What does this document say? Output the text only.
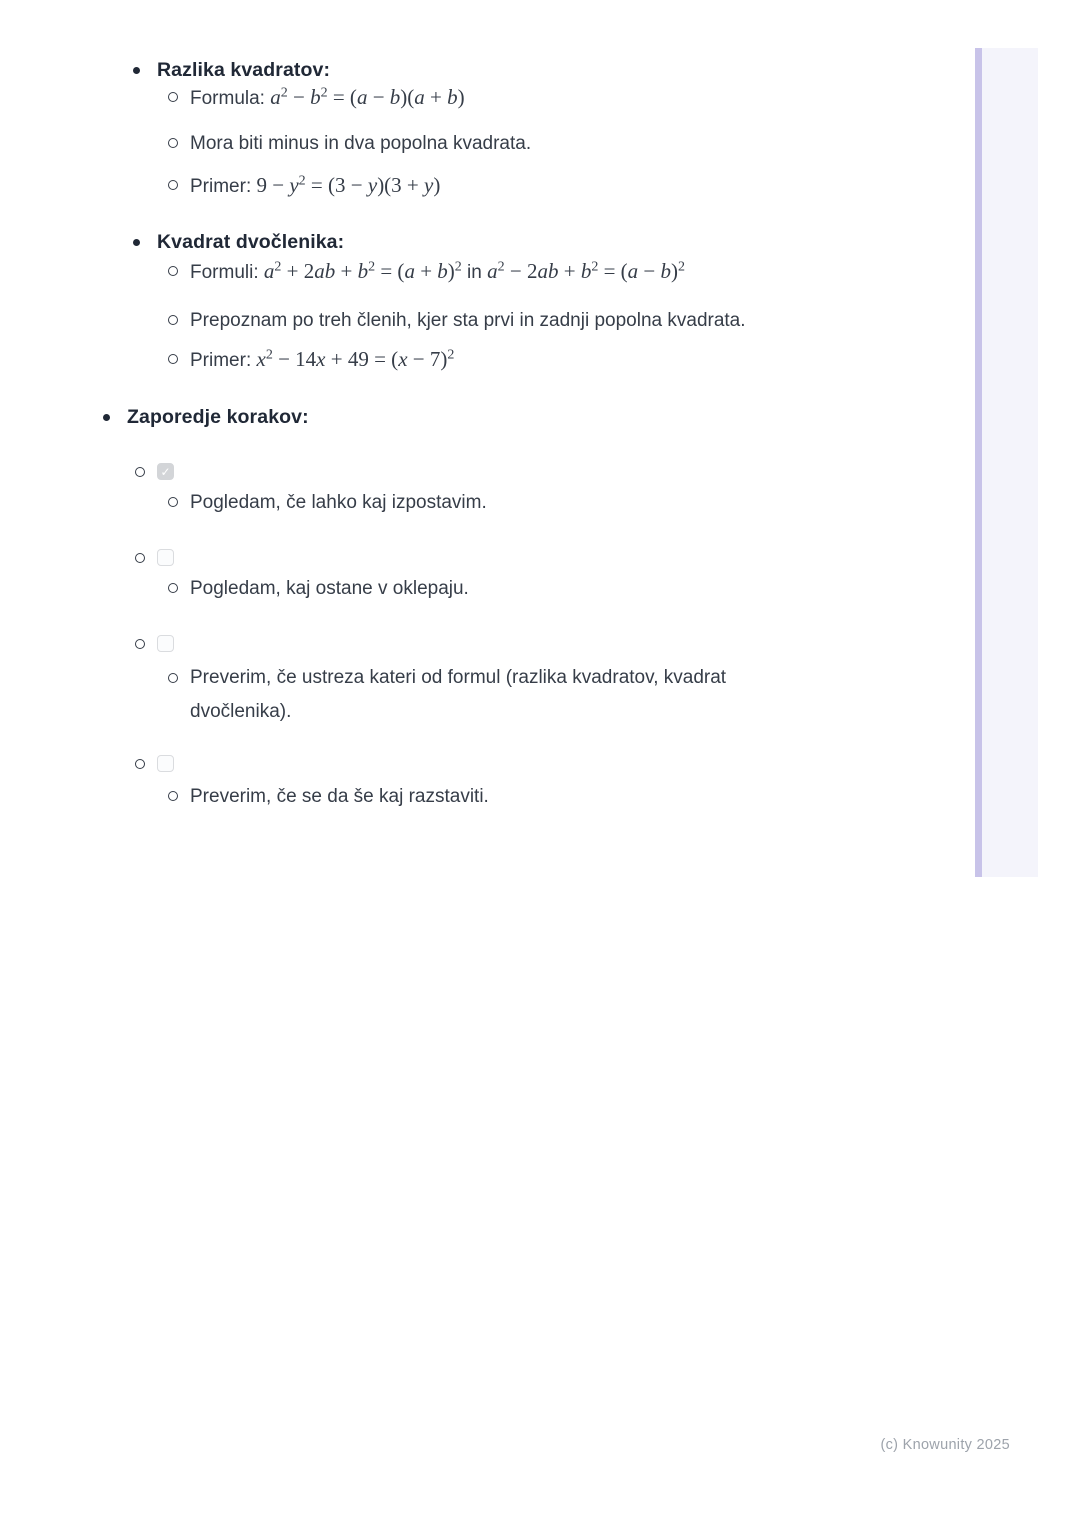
Razlika kvadratov:
Formula: $a^2 - b^2 = (a - b)(a + b)$
Mora biti minus in dva popolna kvadrata.
Primer: $9 - y^2 = (3 - y)(3 + y)$
Kvadrat dvočlenika:
Formuli: $a^2 + 2ab + b^2 = (a + b)^2$ in $a^2 - 2ab + b^2 = (a - b)^2$
Prepoznam po treh členih, kjer sta prvi in zadnji popolna kvadrata.
Primer: $x^2 - 14x + 49 = (x - 7)^2$
Zaporedje korakov:
✓
Pogledam, če lahko kaj izpostavim.
Pogledam, kaj ostane v oklepaju.
Preverim, če ustreza kateri od formul (razlika kvadratov, kvadrat dvočlenika).
Preverim, če se da še kaj razstaviti.
(c) Knowunity 2025
